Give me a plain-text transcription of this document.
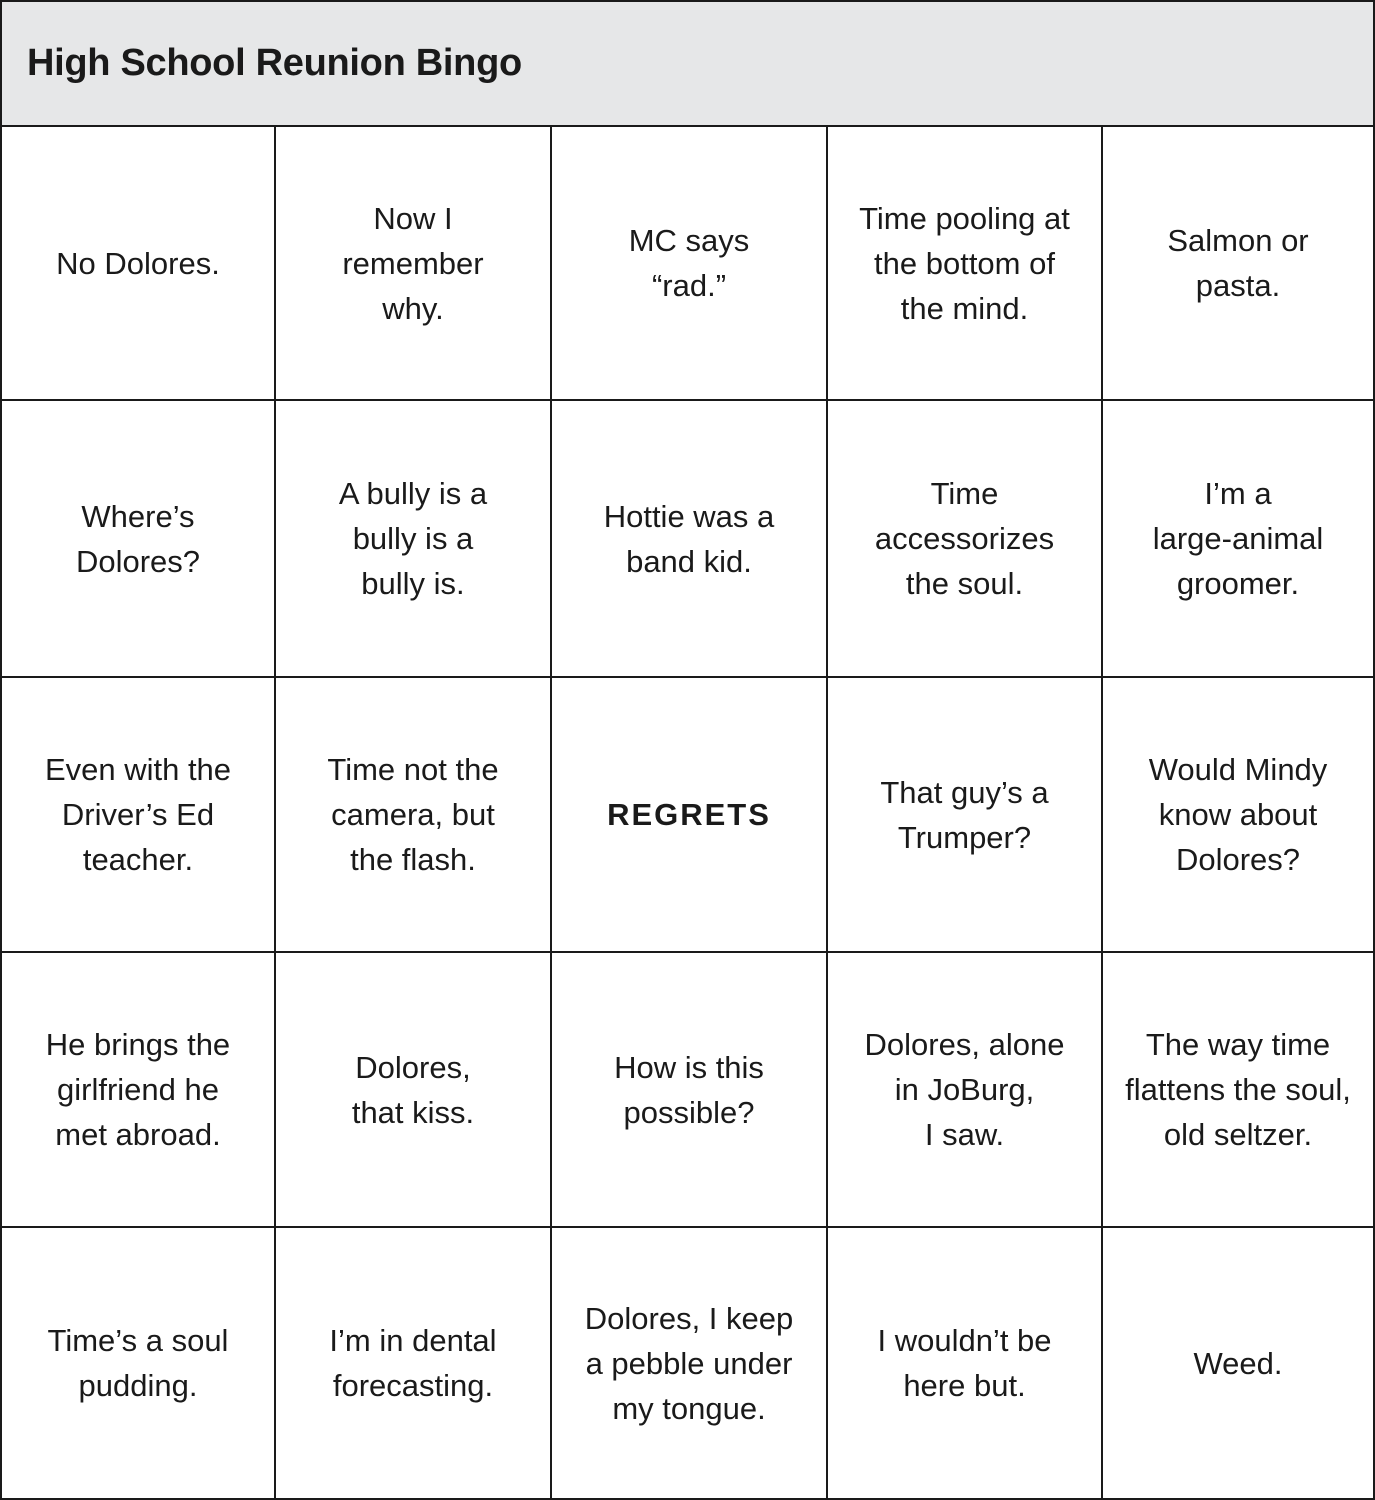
High School Reunion Bingo
No Dolores.
Now I
remember
why.
MC says
“rad.”
Time pooling at
the bottom of
the mind.
Salmon or
pasta.
Where’s
Dolores?
A bully is a
bully is a
bully is.
Hottie was a
band kid.
Time
accessorizes
the soul.
I’m a
large-animal
groomer.
Even with the
Driver’s Ed
teacher.
Time not the
camera, but
the flash.
REGRETS
That guy’s a
Trumper?
Would Mindy
know about
Dolores?
He brings the
girlfriend he
met abroad.
Dolores,
that kiss.
How is this
possible?
Dolores, alone
in JoBurg,
I saw.
The way time
flattens the soul,
old seltzer.
Time’s a soul
pudding.
I’m in dental
forecasting.
Dolores, I keep
a pebble under
my tongue.
I wouldn’t be
here but.
Weed.
